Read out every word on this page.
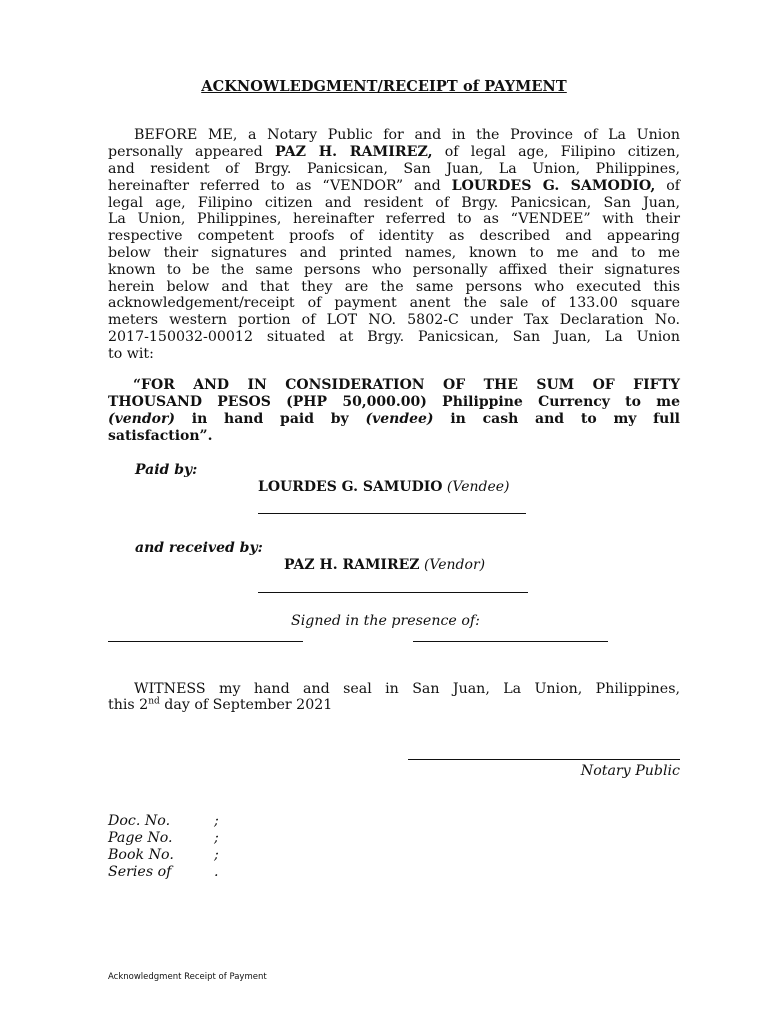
ACKNOWLEDGMENT/RECEIPT of PAYMENT
BEFORE ME, a Notary Public for and in the Province of La Union
personally appeared PAZ H. RAMIREZ, of legal age, Filipino citizen,
and resident of Brgy. Panicsican, San Juan, La Union, Philippines,
hereinafter referred to as “VENDOR” and LOURDES G. SAMODIO, of
legal age, Filipino citizen and resident of Brgy. Panicsican, San Juan,
La Union, Philippines, hereinafter referred to as “VENDEE” with their
respective competent proofs of identity as described and appearing
below their signatures and printed names, known to me and to me
known to be the same persons who personally affixed their signatures
herein below and that they are the same persons who executed this
acknowledgement/receipt of payment anent the sale of 133.00 square
meters western portion of LOT NO. 5802-C under Tax Declaration No.
2017-150032-00012 situated at Brgy. Panicsican, San Juan, La Union
to wit:
“FOR AND IN CONSIDERATION OF THE SUM OF FIFTY
THOUSAND PESOS (PHP 50,000.00) Philippine Currency to me
(vendor) in hand paid by (vendee) in cash and to my full
satisfaction”.
Paid by:
LOURDES G. SAMUDIO (Vendee)
and received by:
PAZ H. RAMIREZ (Vendor)
Signed in the presence of:
WITNESS my hand and seal in San Juan, La Union, Philippines,
this 2nd day of September 2021
Notary Public
Doc. No.	;
Page No.	;
Book No.	;
Series of	.
Acknowledgment Receipt of Payment
